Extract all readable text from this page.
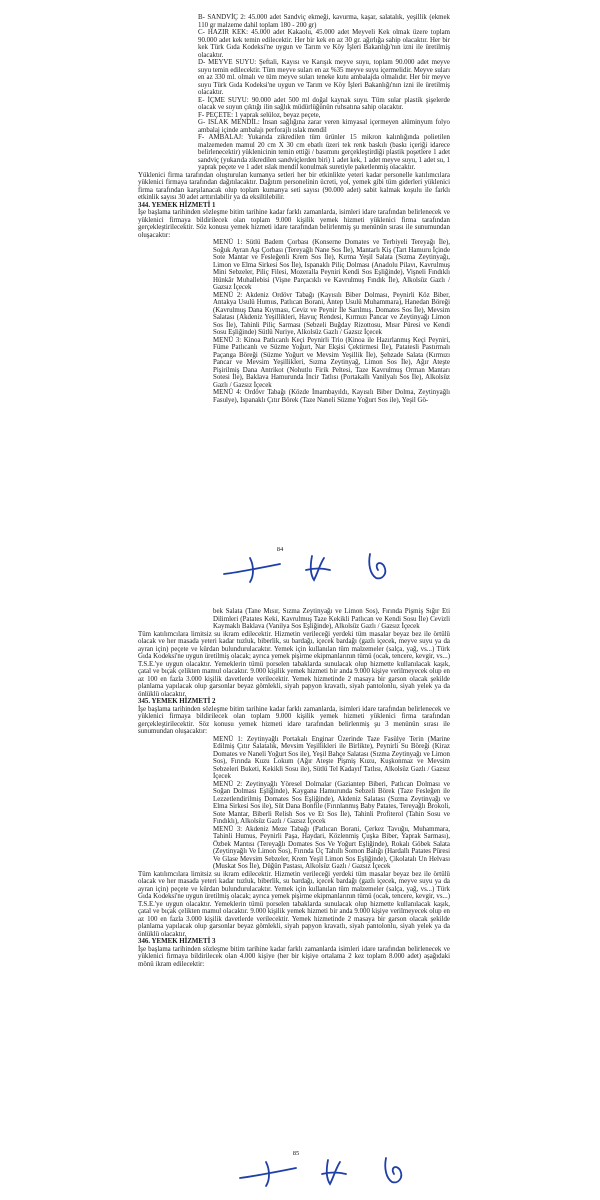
B- SANDVİÇ 2: 45.000 adet Sandviç ekmeği, kavurma, kaşar, salatalık, yeşillik (ekmek 110 gr malzeme dahil toplam 180 - 200 gr)

C- HAZIR KEK: 45.000 adet Kakaolu, 45.000 adet Meyveli Kek olmak üzere toplam 90.000 adet kek temin edilecektir. Her bir kek en az 30 gr. ağırlığa sahip olacaktır. Her bir kek Türk Gıda Kodeksi'ne uygun ve Tarım ve Köy İşleri Bakanlığı'nın izni ile üretilmiş olacaktır.

D- MEYVE SUYU: Şeftali, Kayısı ve Karışık meyve suyu, toplam 90.000 adet meyve suyu temin edilecektir. Tüm meyve suları en az %35 meyve suyu içermelidir. Meyve suları en az 330 ml. olmalı ve tüm meyve suları teneke kutu ambalajda olmalıdır. Her bir meyve suyu Türk Gıda Kodeksi'ne uygun ve Tarım ve Köy İşleri Bakanlığı'nın izni ile üretilmiş olacaktır.

E- İÇME SUYU: 90.000 adet 500 ml doğal kaynak suyu. Tüm sular plastik şişelerde olacak ve suyun çıktığı ilin sağlık müdürlüğünün ruhsatına sahip olacaktır.

F- PEÇETE: 1 yaprak selüloz, beyaz peçete,

G- ISLAK MENDİL: İnsan sağlığına zarar veren kimyasal içermeyen alüminyum folyo ambalaj içinde ambalajı perforajlı ıslak mendil

F- AMBALAJ: Yukarıda zikredilen tüm ürünler 15 mikron kalınlığında polietilen malzemeden mamul 20 cm X 30 cm ebatlı üzeri tek renk baskılı (baskı içeriği idarece belirlenecektir) yüklenicinin temin ettiği / basımını gerçekleştirdiği plastik poşetlere 1 adet sandviç (yukarıda zikredilen sandviçlerden biri) 1 adet kek, 1 adet meyve suyu, 1 adet su, 1 yaprak peçete ve 1 adet ıslak mendil konulmak suretiyle paketlenmiş olacaktır.

Yüklenici firma tarafından oluşturulan kumanya setleri her bir etkinlikte yeteri kadar personelle katılımcılara yüklenici firmaya tarafından dağıtılacaktır. Dağıtım personelinin ücreti, yol, yemek gibi tüm giderleri yüklenici firma tarafından karşılanacak olup toplam kumanya seti sayısı (90.000 adet) sabit kalmak koşulu ile farklı etkinlik sayısı 30 adet arttırılabilir ya da eksiltilebilir.

344. YEMEK HİZMETİ 1

İşe başlama tarihinden sözleşme bitim tarihine kadar farklı zamanlarda, isimleri idare tarafından belirlenecek ve yüklenici firmaya bildirilecek olan toplam 9.000 kişilik yemek hizmeti yüklenici firma tarafından gerçekleştirilecektir. Söz konusu yemek hizmeti idare tarafından belirlenmiş şu menünün sırası ile sunumundan oluşacaktır:

MENÜ 1: Sütlü Badem Çorbası (Konserne Domates ve Terbiyeli Tereyağı İle), Soğuk Ayran Aşı Çorbası (Tereyağlı Nane Sos İle), Mantarlı Kiş (Tart Hamuru İçinde Sote Mantar ve Fesleğenli Krem Sos İle), Kırma Yeşil Salata (Sızma Zeytinyağı, Limon ve Elma Sirkesi Sos İle), Ispanaklı Piliç Dolması (Anadolu Pilavı, Kavrulmuş Mini Sebzeler, Piliç Filesi, Mozeralla Peyniri Kendi Sos Eşliğinde), Vişneli Fındıklı Hünkâr Muhallebisi (Vişne Parçacıklı ve Kavrulmuş Fındık İle), Alkolsüz Gazlı / Gazsız İçecek

MENÜ 2: Akdeniz Ordövr Tabağı (Kayısılı Biber Dolması, Peynirli Köz Biber, Antakya Usulü Humus, Patlıcan Borani, Antep Usulü Muhammara), Hanedan Böreği (Kavrulmuş Dana Kıyması, Ceviz ve Peynir İle Sarılmış. Domates Sos İle), Mevsim Salatası (Akdeniz Yeşillikleri, Havuç Rendesi, Kırmızı Pancar ve Zeytinyağı Limon Sos İle), Tahinli Piliç Sarması (Sebzeli Buğday Rizottosu, Mısır Püresi ve Kendi Sosu Eşliğinde) Sütlü Nuriye, Alkolsüz Gazlı / Gazsız İçecek

MENÜ 3: Kinoa Patlıcanlı Keçi Peynirli Trio (Kinoa ile Hazırlanmış Keçi Peyniri, Füme Patlıcanlı ve Süzme Yoğurt, Nar Ekşisi Çektirmesi İle), Patatesli Pastırmalı Paçanga Böreği (Süzme Yoğurt ve Mevsim Yeşillik İle), Şehzade Salata (Kırmızı Pancar ve Mevsim Yeşillikleri, Sızma Zeytinyağ, Limon Sos İle), Ağır Ateşte Pişirilmiş Dana Antrikot (Nohutlu Firik Peltesi, Taze Kavrulmuş Orman Mantarı Sotesi İle), Baklava Hamurunda İncir Tatlısı (Portakallı Vanilyalı Sos İle), Alkolsüz Gazlı / Gazsız İçecek

MENÜ 4: Ordövr Tabağı (Közde İmambayıldı, Kayısılı Biber Dolma, Zeytinyağlı Fasulye), Ispanaklı Çıtır Börek (Taze Naneli Süzme Yoğurt Sos ile), Yeşil Gö-

84

bek Salata (Tane Mısır, Sızma Zeytinyağı ve Limon Sos), Fırında Pişmiş Sığır Eti Dilimleri (Patates Keki, Kavrulmuş Taze Kekikli Patlıcan ve Kendi Sosu İle) Cevizli Kaymaklı Baklava (Vanilya Sos Eşliğinde), Alkolsüz Gazlı / Gazsız İçecek

Tüm katılımcılara limitsiz su ikram edilecektir. Hizmetin verileceği yerdeki tüm masalar beyaz bez ile örtülü olacak ve her masada yeteri kadar tuzluk, biberlik, su bardağı, içecek bardağı (gazlı içecek, meyve suyu ya da ayran için) peçete ve kürdan bulundurulacaktır. Yemek için kullanılan tüm malzemeler (salça, yağ, vs...) Türk Gıda Kodeksi'ne uygun üretilmiş olacak; ayrıca yemek pişirme ekipmanlarının tümü (ocak, tencere, kevgir, vs...) T.S.E.'ye uygun olacaktır. Yemeklerin tümü porselen tabaklarda sunulacak olup hizmette kullanılacak kaşık, çatal ve bıçak çelikten mamul olacaktır. 9.000 kişilik yemek hizmeti bir anda 9.000 kişiye verilmeyecek olup en az 100 en fazla 3.000 kişilik davetlerde verilecektir. Yemek hizmetinde 2 masaya bir garson olacak şekilde planlama yapılacak olup garsonlar beyaz gömlekli, siyah papyon kravatlı, siyah pantolonlu, siyah yelek ya da önlüklü olacaktır.

345. YEMEK HİZMETİ 2

İşe başlama tarihinden sözleşme bitim tarihine kadar farklı zamanlarda, isimleri idare tarafından belirlenecek ve yüklenici firmaya bildirilecek olan toplam 9.000 kişilik yemek hizmeti yüklenici firma tarafından gerçekleştirilecektir. Söz konusu yemek hizmeti idare tarafından belirlenmiş şu 3 menünün sırası ile sunumundan oluşacaktır:

MENÜ 1: Zeytinyağlı Portakalı Enginar Üzerinde Taze Fasülye Terin (Marine Edilmiş Çıtır Salatalık, Mevsim Yeşillikleri ile Birlikte), Peynirli Su Böreği (Kiraz Domates ve Naneli Yoğurt Sos ile), Yeşil Bahçe Salatası (Sızma Zeytinyağı ve Limon Sos), Fırında Kuzu Lokum (Ağır Ateşte Pişmiş Kuzu, Kuşkonmaz ve Mevsim Sebzeleri Buketi, Kekikli Sosu ile), Sütlü Tel Kadayıf Tatlısı, Alkolsüz Gazlı / Gazsız İçecek

MENÜ 2: Zeytinyağlı Yöresel Dolmalar (Gaziantep Biberi, Patlıcan Dolması ve Soğan Dolması Eşliğinde), Kaygana Hamurunda Sebzeli Börek (Taze Fesleğen ile Lezzetlendirilmiş Domates Sos Eşliğinde), Akdeniz Salatası (Sızma Zeytinyağı ve Elma Sirkesi Sos ile), Süt Dana Bonfile (Fırınlanmış Baby Patates, Tereyağlı Brokoli, Sote Mantar, Biberli Relish Sos ve Et Sos İle), Tahinli Profiterol (Tahin Sosu ve Fındıklı), Alkolsüz Gazlı / Gazsız İçecek

MENÜ 3: Akdeniz Meze Tabağı (Patlıcan Borani, Çerkez Tavuğu, Muhammara, Tahinli Humus, Peynirli Paşa, Haydari, Közlenmiş Çuşka Biber, Yaprak Sarması), Özbek Mantısı (Tereyağlı Domates Sos Ve Yoğurt Eşliğinde), Rokalı Göbek Salata (Zeytinyağlı Ve Limon Sos), Fırında Üç Tahıllı Somon Balığı (Hardallı Patates Püresi Ve Glase Mevsim Sebzeler, Krem Yeşil Limon Sos Eşliğinde), Çikolatalı Un Helvası (Muskat Sos İle), Düğün Pastası, Alkolsüz Gazlı / Gazsız İçecek

Tüm katılımcılara limitsiz su ikram edilecektir. Hizmetin verileceği yerdeki tüm masalar beyaz bez ile örtülü olacak ve her masada yeteri kadar tuzluk, biberlik, su bardağı, içecek bardağı (gazlı içecek, meyve suyu ya da ayran için) peçete ve kürdan bulundurulacaktır. Yemek için kullanılan tüm malzemeler (salça, yağ, vs...) Türk Gıda Kodeksi'ne uygun üretilmiş olacak; ayrıca yemek pişirme ekipmanlarının tümü (ocak, tencere, kevgir, vs...) T.S.E.'ye uygun olacaktır. Yemeklerin tümü porselen tabaklarda sunulacak olup hizmette kullanılacak kaşık, çatal ve bıçak çelikten mamul olacaktır. 9.000 kişilik yemek hizmeti bir anda 9.000 kişiye verilmeyecek olup en az 100 en fazla 3.000 kişilik davetlerde verilecektir. Yemek hizmetinde 2 masaya bir garson olacak şekilde planlama yapılacak olup garsonlar beyaz gömlekli, siyah papyon kravatlı, siyah pantolonlu, siyah yelek ya da önlüklü olacaktır.

346. YEMEK HİZMETİ 3

İşe başlama tarihinden sözleşme bitim tarihine kadar farklı zamanlarda isimleri idare tarafından belirlenecek ve yüklenici firmaya bildirilecek olan 4.000 kişiye (her bir kişiye ortalama 2 kez toplam 8.000 adet) aşağıdaki mönü ikram edilecektir:

85
